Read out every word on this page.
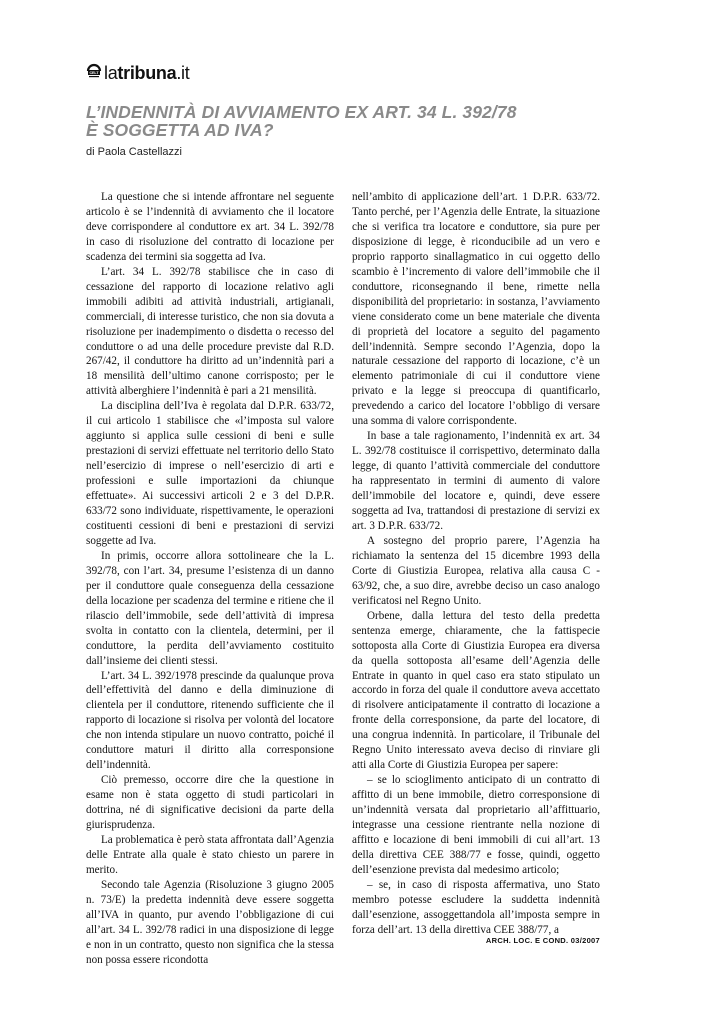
CELT latribuna.it
L’INDENNITÀ DI AVVIAMENTO EX ART. 34 L. 392/78
È SOGGETTA AD IVA?
di Paola Castellazzi

La questione che si intende affrontare nel seguente articolo è se l’indennità di avviamento che il locatore deve corrispondere al conduttore ex art. 34 L. 392/78 in caso di risoluzione del contratto di locazione per scadenza dei termini sia soggetta ad Iva.

L’art. 34 L. 392/78 stabilisce che in caso di cessazione del rapporto di locazione relativo agli immobili adibiti ad attività industriali, artigianali, commerciali, di interesse turistico, che non sia dovuta a risoluzione per inadempimento o disdetta o recesso del conduttore o ad una delle procedure previste dal R.D. 267/42, il conduttore ha diritto ad un’indennità pari a 18 mensilità dell’ultimo canone corrisposto; per le attività alberghiere l’indennità è pari a 21 mensilità.

La disciplina dell’Iva è regolata dal D.P.R. 633/72, il cui articolo 1 stabilisce che «l’imposta sul valore aggiunto si applica sulle cessioni di beni e sulle prestazioni di servizi effettuate nel territorio dello Stato nell’esercizio di imprese o nell’esercizio di arti e professioni e sulle importazioni da chiunque effettuate». Ai successivi articoli 2 e 3 del D.P.R. 633/72 sono individuate, rispettivamente, le operazioni costituenti cessioni di beni e prestazioni di servizi soggette ad Iva.

In primis, occorre allora sottolineare che la L. 392/78, con l’art. 34, presume l’esistenza di un danno per il conduttore quale conseguenza della cessazione della locazione per scadenza del termine e ritiene che il rilascio dell’immobile, sede dell’attività di impresa svolta in contatto con la clientela, determini, per il conduttore, la perdita dell’avviamento costituito dall’insieme dei clienti stessi.

L’art. 34 L. 392/1978 prescinde da qualunque prova dell’effettività del danno e della diminuzione di clientela per il conduttore, ritenendo sufficiente che il rapporto di locazione si risolva per volontà del locatore che non intenda stipulare un nuovo contratto, poiché il conduttore maturi il diritto alla corresponsione dell’indennità.

Ciò premesso, occorre dire che la questione in esame non è stata oggetto di studi particolari in dottrina, né di significative decisioni da parte della giurisprudenza.

La problematica è però stata affrontata dall’Agenzia delle Entrate alla quale è stato chiesto un parere in merito.

Secondo tale Agenzia (Risoluzione 3 giugno 2005 n. 73/E) la predetta indennità deve essere soggetta all’IVA in quanto, pur avendo l’obbligazione di cui all’art. 34 L. 392/78 radici in una disposizione di legge e non in un contratto, questo non significa che la stessa non possa essere ricondotta

nell’ambito di applicazione dell’art. 1 D.P.R. 633/72. Tanto perché, per l’Agenzia delle Entrate, la situazione che si verifica tra locatore e conduttore, sia pure per disposizione di legge, è riconducibile ad un vero e proprio rapporto sinallagmatico in cui oggetto dello scambio è l’incremento di valore dell’immobile che il conduttore, riconsegnando il bene, rimette nella disponibilità del proprietario: in sostanza, l’avviamento viene considerato come un bene materiale che diventa di proprietà del locatore a seguito del pagamento dell’indennità. Sempre secondo l’Agenzia, dopo la naturale cessazione del rapporto di locazione, c’è un elemento patrimoniale di cui il conduttore viene privato e la legge si preoccupa di quantificarlo, prevedendo a carico del locatore l’obbligo di versare una somma di valore corrispondente.

In base a tale ragionamento, l’indennità ex art. 34 L. 392/78 costituisce il corrispettivo, determinato dalla legge, di quanto l’attività commerciale del conduttore ha rappresentato in termini di aumento di valore dell’immobile del locatore e, quindi, deve essere soggetta ad Iva, trattandosi di prestazione di servizi ex art. 3 D.P.R. 633/72.

A sostegno del proprio parere, l’Agenzia ha richiamato la sentenza del 15 dicembre 1993 della Corte di Giustizia Europea, relativa alla causa C - 63/92, che, a suo dire, avrebbe deciso un caso analogo verificatosi nel Regno Unito.

Orbene, dalla lettura del testo della predetta sentenza emerge, chiaramente, che la fattispecie sottoposta alla Corte di Giustizia Europea era diversa da quella sottoposta all’esame dell’Agenzia delle Entrate in quanto in quel caso era stato stipulato un accordo in forza del quale il conduttore aveva accettato di risolvere anticipatamente il contratto di locazione a fronte della corresponsione, da parte del locatore, di una congrua indennità. In particolare, il Tribunale del Regno Unito interessato aveva deciso di rinviare gli atti alla Corte di Giustizia Europea per sapere:

– se lo scioglimento anticipato di un contratto di affitto di un bene immobile, dietro corresponsione di un’indennità versata dal proprietario all’affittuario, integrasse una cessione rientrante nella nozione di affitto e locazione di beni immobili di cui all’art. 13 della direttiva CEE 388/77 e fosse, quindi, oggetto dell’esenzione prevista dal medesimo articolo;

– se, in caso di risposta affermativa, uno Stato membro potesse escludere la suddetta indennità dall’esenzione, assoggettandola all’imposta sempre in forza dell’art. 13 della direttiva CEE 388/77, a

ARCH. LOC. E COND. 03/2007
